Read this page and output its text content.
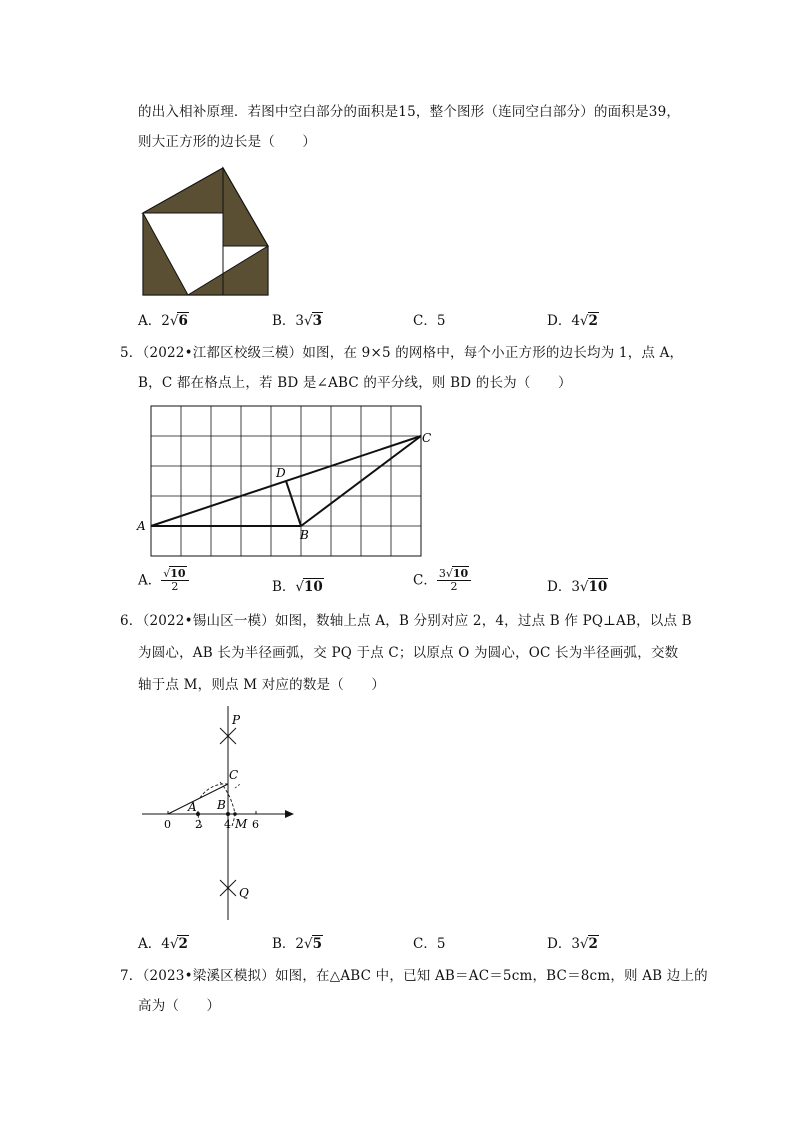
的出入相补原理．若图中空白部分的面积是15，整个图形（连同空白部分）的面积是39，
则大正方形的边长是（　　）
A．2√6	B．3√3	C．5	D．4√2
5．（2022•江都区校级三模）如图，在 9×5 的网格中，每个小正方形的边长均为 1，点 A，
B，C 都在格点上，若 BD 是∠ABC 的平分线，则 BD 的长为（　　）
A
B
C
D
A． $\frac{√10}{2}$	B．√10	C． $\frac{3√10}{2}$	D．3√10
6．（2022•锡山区一模）如图，数轴上点 A，B 分别对应 2，4，过点 B 作 PQ⊥AB，以点 B
为圆心，AB 长为半径画弧，交 PQ 于点 C；以原点 O 为圆心，OC 长为半径画弧，交数
轴于点 M，则点 M 对应的数是（　　）
P
C
A B
M
Q
0 2 4 6
A．4√2	B．2√5	C．5	D．3√2
7．（2023•梁溪区模拟）如图，在△ABC 中，已知 AB＝AC＝5cm，BC＝8cm，则 AB 边上的
高为（　　）
